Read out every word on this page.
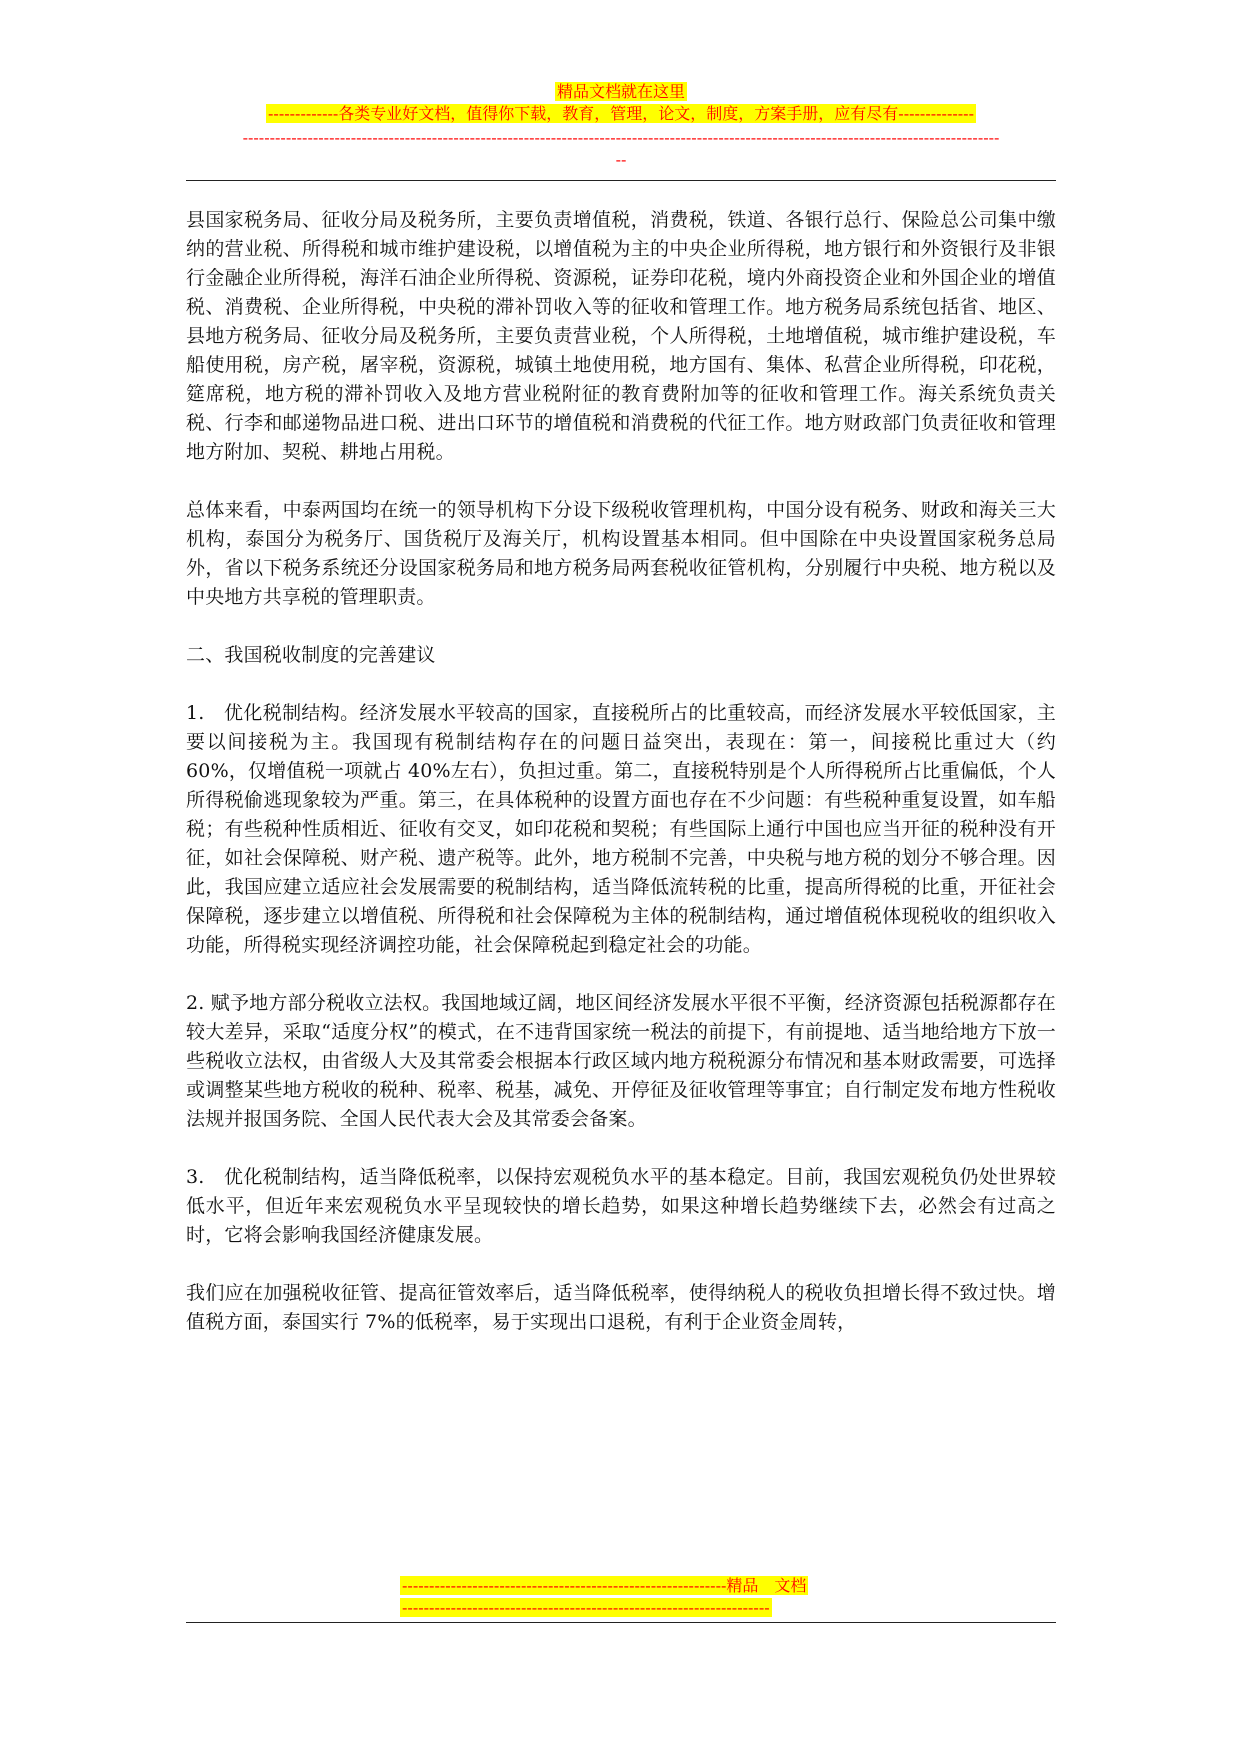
精品文档就在这里
-------------各类专业好文档，值得你下载，教育，管理，论文，制度，方案手册，应有尽有--------------
--------------------------------------------------------------------------------------------------------------------------------------------
--

县国家税务局、征收分局及税务所，主要负责增值税，消费税，铁道、各银行总行、保险总公司集中缴纳的营业税、所得税和城市维护建设税，以增值税为主的中央企业所得税，地方银行和外资银行及非银行金融企业所得税，海洋石油企业所得税、资源税，证券印花税，境内外商投资企业和外国企业的增值税、消费税、企业所得税，中央税的滞补罚收入等的征收和管理工作。地方税务局系统包括省、地区、县地方税务局、征收分局及税务所，主要负责营业税，个人所得税，土地增值税，城市维护建设税，车船使用税，房产税，屠宰税，资源税，城镇土地使用税，地方国有、集体、私营企业所得税，印花税，筵席税，地方税的滞补罚收入及地方营业税附征的教育费附加等的征收和管理工作。海关系统负责关税、行李和邮递物品进口税、进出口环节的增值税和消费税的代征工作。地方财政部门负责征收和管理地方附加、契税、耕地占用税。

总体来看，中泰两国均在统一的领导机构下分设下级税收管理机构，中国分设有税务、财政和海关三大机构，泰国分为税务厅、国货税厅及海关厅，机构设置基本相同。但中国除在中央设置国家税务总局外，省以下税务系统还分设国家税务局和地方税务局两套税收征管机构，分别履行中央税、地方税以及中央地方共享税的管理职责。

二、我国税收制度的完善建议

1.　优化税制结构。经济发展水平较高的国家，直接税所占的比重较高，而经济发展水平较低国家，主要以间接税为主。我国现有税制结构存在的问题日益突出，表现在：第一，间接税比重过大（约 60%，仅增值税一项就占 40%左右），负担过重。第二，直接税特别是个人所得税所占比重偏低，个人所得税偷逃现象较为严重。第三，在具体税种的设置方面也存在不少问题：有些税种重复设置，如车船税；有些税种性质相近、征收有交叉，如印花税和契税；有些国际上通行中国也应当开征的税种没有开征，如社会保障税、财产税、遗产税等。此外，地方税制不完善，中央税与地方税的划分不够合理。因此，我国应建立适应社会发展需要的税制结构，适当降低流转税的比重，提高所得税的比重，开征社会保障税，逐步建立以增值税、所得税和社会保障税为主体的税制结构，通过增值税体现税收的组织收入功能，所得税实现经济调控功能，社会保障税起到稳定社会的功能。

2. 赋予地方部分税收立法权。我国地域辽阔，地区间经济发展水平很不平衡，经济资源包括税源都存在较大差异，采取“适度分权”的模式，在不违背国家统一税法的前提下，有前提地、适当地给地方下放一些税收立法权，由省级人大及其常委会根据本行政区域内地方税税源分布情况和基本财政需要，可选择或调整某些地方税收的税种、税率、税基，减免、开停征及征收管理等事宜；自行制定发布地方性税收法规并报国务院、全国人民代表大会及其常委会备案。

3.　优化税制结构，适当降低税率，以保持宏观税负水平的基本稳定。目前，我国宏观税负仍处世界较低水平，但近年来宏观税负水平呈现较快的增长趋势，如果这种增长趋势继续下去，必然会有过高之时，它将会影响我国经济健康发展。

我们应在加强税收征管、提高征管效率后，适当降低税率，使得纳税人的税收负担增长得不致过快。增值税方面，泰国实行 7%的低税率，易于实现出口退税，有利于企业资金周转，

------------------------------------------------------------精品　文档
--------------------------------------------------------------------
